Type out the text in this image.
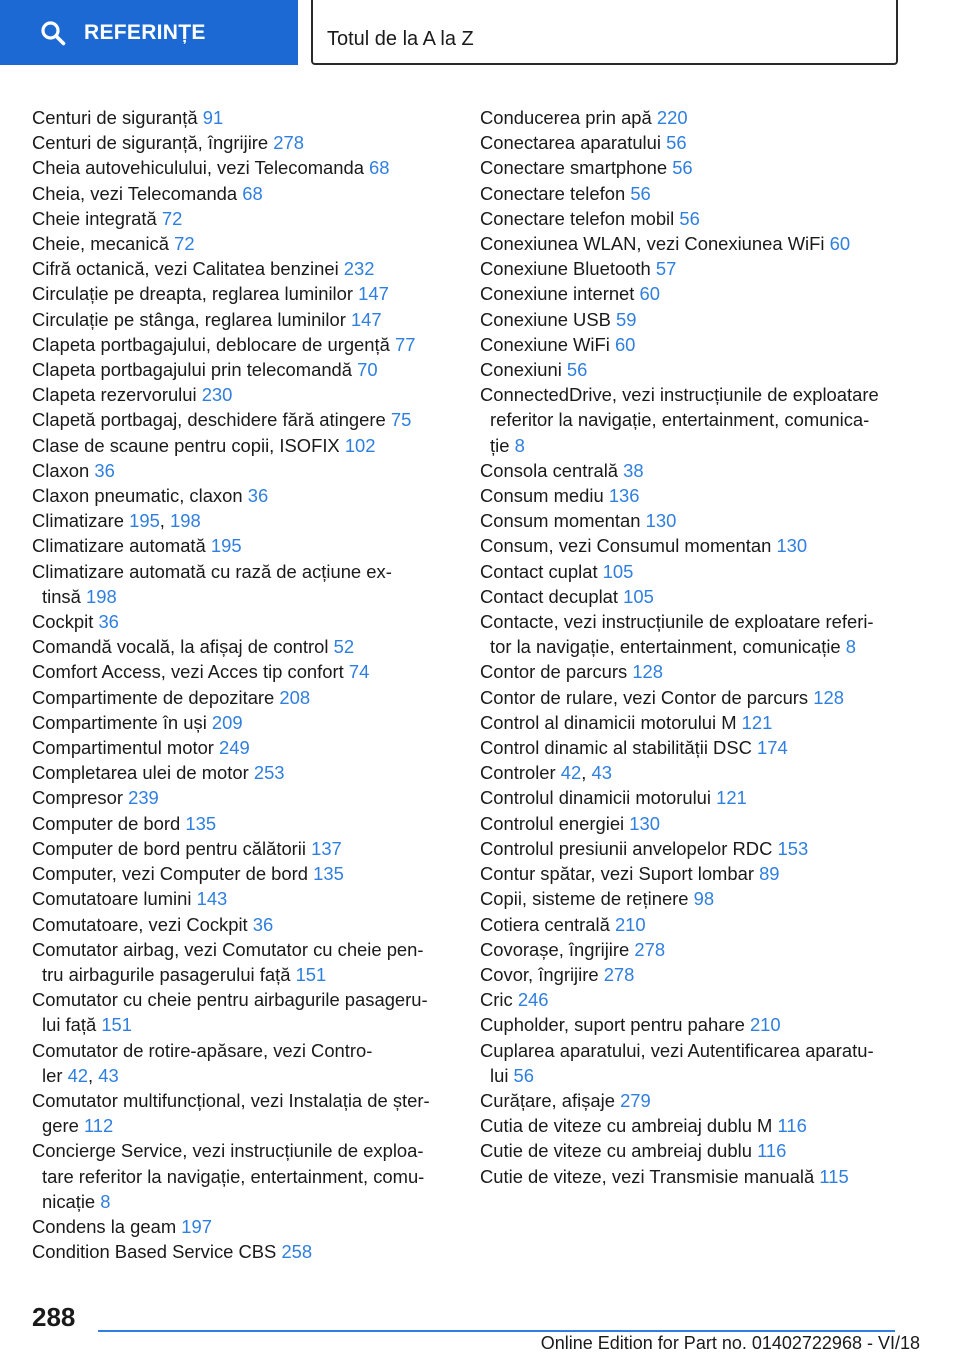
REFERINȚE	Totul de la A la Z
Centuri de siguranță 91
Centuri de siguranță, îngrijire 278
Cheia autovehiculului, vezi Telecomanda 68
Cheia, vezi Telecomanda 68
Cheie integrată 72
Cheie, mecanică 72
Cifră octanică, vezi Calitatea benzinei 232
Circulație pe dreapta, reglarea luminilor 147
Circulație pe stânga, reglarea luminilor 147
Clapeta portbagajului, deblocare de urgență 77
Clapeta portbagajului prin telecomandă 70
Clapeta rezervorului 230
Clapetă portbagaj, deschidere fără atingere 75
Clase de scaune pentru copii, ISOFIX 102
Claxon 36
Claxon pneumatic, claxon 36
Climatizare 195, 198
Climatizare automată 195
Climatizare automată cu rază de acțiune ex-
tinsă 198
Cockpit 36
Comandă vocală, la afișaj de control 52
Comfort Access, vezi Acces tip confort 74
Compartimente de depozitare 208
Compartimente în uși 209
Compartimentul motor 249
Completarea ulei de motor 253
Compresor 239
Computer de bord 135
Computer de bord pentru călătorii 137
Computer, vezi Computer de bord 135
Comutatoare lumini 143
Comutatoare, vezi Cockpit 36
Comutator airbag, vezi Comutator cu cheie pen-
tru airbagurile pasagerului față 151
Comutator cu cheie pentru airbagurile pasageru-
lui față 151
Comutator de rotire-apăsare, vezi Contro-
ler 42, 43
Comutator multifuncțional, vezi Instalația de șter-
gere 112
Concierge Service, vezi instrucțiunile de exploa-
tare referitor la navigație, entertainment, comu-
nicație 8
Condens la geam 197
Condition Based Service CBS 258
Conducerea prin apă 220
Conectarea aparatului 56
Conectare smartphone 56
Conectare telefon 56
Conectare telefon mobil 56
Conexiunea WLAN, vezi Conexiunea WiFi 60
Conexiune Bluetooth 57
Conexiune internet 60
Conexiune USB 59
Conexiune WiFi 60
Conexiuni 56
ConnectedDrive, vezi instrucțiunile de exploatare
referitor la navigație, entertainment, comunica-
ție 8
Consola centrală 38
Consum mediu 136
Consum momentan 130
Consum, vezi Consumul momentan 130
Contact cuplat 105
Contact decuplat 105
Contacte, vezi instrucțiunile de exploatare referi-
tor la navigație, entertainment, comunicație 8
Contor de parcurs 128
Contor de rulare, vezi Contor de parcurs 128
Control al dinamicii motorului M 121
Control dinamic al stabilității DSC 174
Controler 42, 43
Controlul dinamicii motorului 121
Controlul energiei 130
Controlul presiunii anvelopelor RDC 153
Contur spătar, vezi Suport lombar 89
Copii, sisteme de reținere 98
Cotiera centrală 210
Covorașe, îngrijire 278
Covor, îngrijire 278
Cric 246
Cupholder, suport pentru pahare 210
Cuplarea aparatului, vezi Autentificarea aparatu-
lui 56
Curățare, afișaje 279
Cutia de viteze cu ambreiaj dublu M 116
Cutie de viteze cu ambreiaj dublu 116
Cutie de viteze, vezi Transmisie manuală 115
288
Online Edition for Part no. 01402722968 - VI/18
